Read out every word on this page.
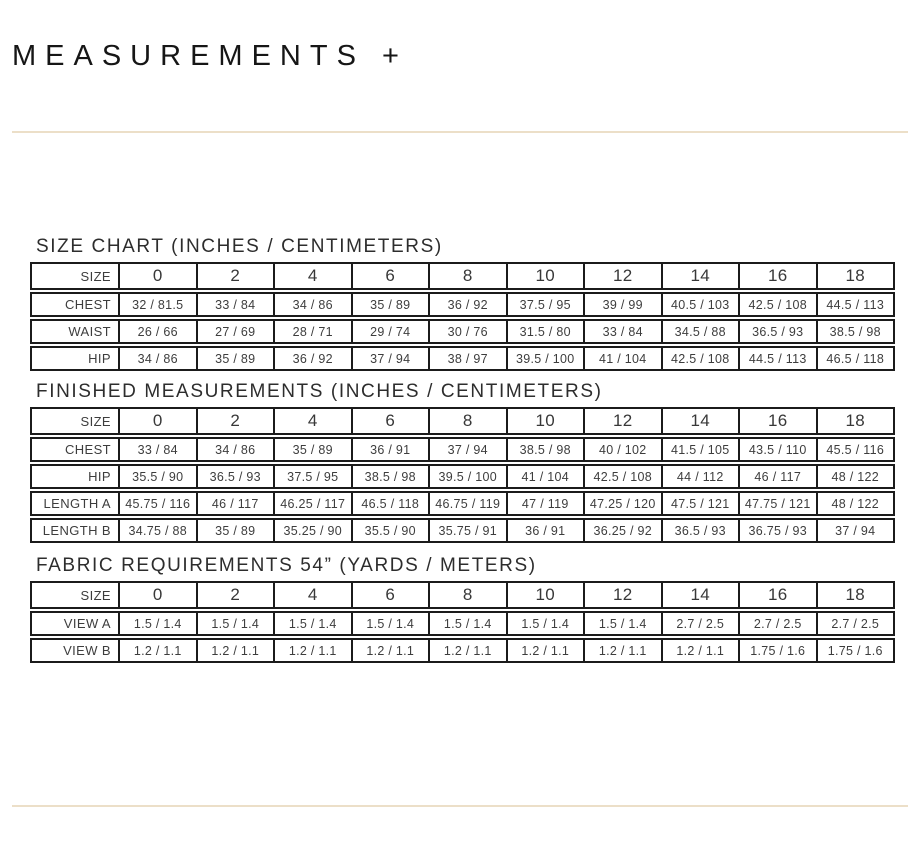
MEASUREMENTS +
SIZE CHART (INCHES / CENTIMETERS)
SIZE	0	2	4	6	8	10	12	14	16	18
CHEST	32 / 81.5	33 / 84	34 / 86	35 / 89	36 / 92	37.5 / 95	39 / 99	40.5 / 103	42.5 / 108	44.5 / 113
WAIST	26 / 66	27 / 69	28 / 71	29 / 74	30 / 76	31.5 / 80	33 / 84	34.5 / 88	36.5 / 93	38.5 / 98
HIP	34 / 86	35 / 89	36 / 92	37 / 94	38 / 97	39.5 / 100	41 / 104	42.5 / 108	44.5 / 113	46.5 / 118
FINISHED MEASUREMENTS (INCHES / CENTIMETERS)
SIZE	0	2	4	6	8	10	12	14	16	18
CHEST	33 / 84	34 / 86	35 / 89	36 / 91	37 / 94	38.5 / 98	40 / 102	41.5 / 105	43.5 / 110	45.5 / 116
HIP	35.5 / 90	36.5 / 93	37.5 / 95	38.5 / 98	39.5 / 100	41 / 104	42.5 / 108	44 / 112	46 / 117	48 / 122
LENGTH A	45.75 / 116	46 / 117	46.25 / 117	46.5 / 118	46.75 / 119	47 / 119	47.25 / 120	47.5 / 121	47.75 / 121	48 / 122
LENGTH B	34.75 / 88	35 / 89	35.25 / 90	35.5 / 90	35.75 / 91	36 / 91	36.25 / 92	36.5 / 93	36.75 / 93	37 / 94
FABRIC REQUIREMENTS 54” (YARDS / METERS)
SIZE	0	2	4	6	8	10	12	14	16	18
VIEW A	1.5 / 1.4	1.5 / 1.4	1.5 / 1.4	1.5 / 1.4	1.5 / 1.4	1.5 / 1.4	1.5 / 1.4	2.7 / 2.5	2.7 / 2.5	2.7 / 2.5
VIEW B	1.2 / 1.1	1.2 / 1.1	1.2 / 1.1	1.2 / 1.1	1.2 / 1.1	1.2 / 1.1	1.2 / 1.1	1.2 / 1.1	1.75 / 1.6	1.75 / 1.6
